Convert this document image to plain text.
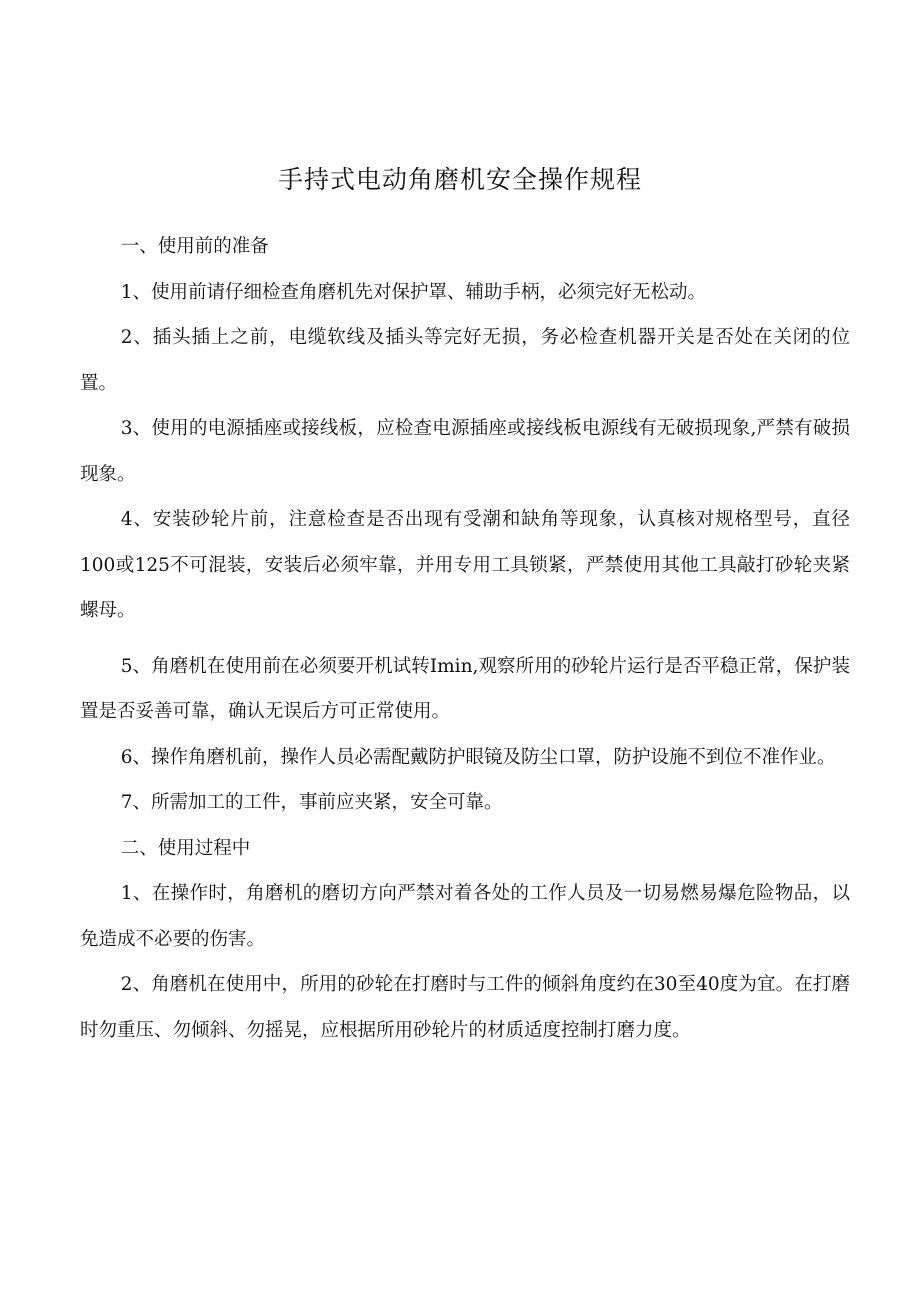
手持式电动角磨机安全操作规程

一、使用前的准备

1、使用前请仔细检查角磨机先对保护罩、辅助手柄，必须完好无松动。

2、插头插上之前，电缆软线及插头等完好无损，务必检查机器开关是否处在关闭的位置。

3、使用的电源插座或接线板，应检查电源插座或接线板电源线有无破损现象,严禁有破损现象。

4、安装砂轮片前，注意检查是否出现有受潮和缺角等现象，认真核对规格型号，直径100或125不可混装，安装后必须牢靠，并用专用工具锁紧，严禁使用其他工具敲打砂轮夹紧螺母。

5、角磨机在使用前在必须要开机试转Imin,观察所用的砂轮片运行是否平稳正常，保护装置是否妥善可靠，确认无误后方可正常使用。

6、操作角磨机前，操作人员必需配戴防护眼镜及防尘口罩，防护设施不到位不准作业。

7、所需加工的工件，事前应夹紧，安全可靠。

二、使用过程中

1、在操作时，角磨机的磨切方向严禁对着各处的工作人员及一切易燃易爆危险物品，以免造成不必要的伤害。

2、角磨机在使用中，所用的砂轮在打磨时与工件的倾斜角度约在30至40度为宜。在打磨时勿重压、勿倾斜、勿摇晃，应根据所用砂轮片的材质适度控制打磨力度。
